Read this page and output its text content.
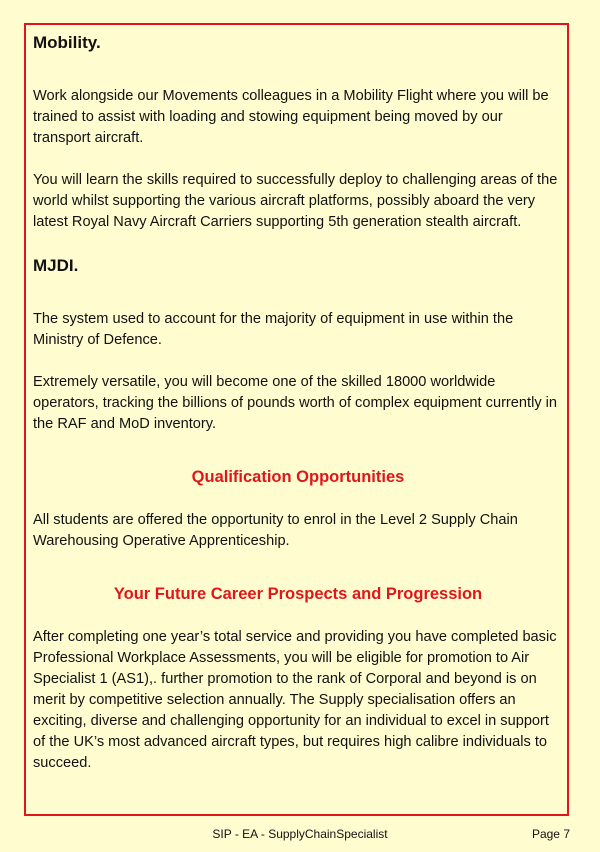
Mobility.

Work alongside our Movements colleagues in a Mobility Flight where you will be trained to assist with loading and stowing equipment being moved by our transport aircraft.

You will learn the skills required to successfully deploy to challenging areas of the world whilst supporting the various aircraft platforms, possibly aboard the very latest Royal Navy Aircraft Carriers supporting 5th generation stealth aircraft.

MJDI.

The system used to account for the majority of equipment in use within the Ministry of Defence.

Extremely versatile, you will become one of the skilled 18000 worldwide operators, tracking the billions of pounds worth of complex equipment currently in the RAF and MoD inventory.

Qualification Opportunities

All students are offered the opportunity to enrol in the Level 2 Supply Chain Warehousing Operative Apprenticeship.

Your Future Career Prospects and Progression

After completing one year’s total service and providing you have completed basic Professional Workplace Assessments, you will be eligible for promotion to Air Specialist 1 (AS1),. further promotion to the rank of Corporal and beyond is on merit by competitive selection annually. The Supply specialisation offers an exciting, diverse and challenging opportunity for an individual to excel in support of the UK’s most advanced aircraft types, but requires high calibre individuals to succeed.

SIP - EA - SupplyChainSpecialist	Page 7
